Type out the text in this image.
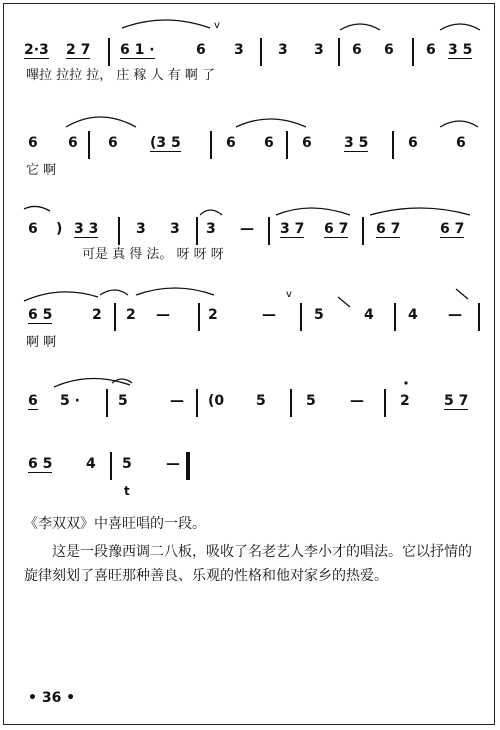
v
2·3 2 7 6 1 ·	6 3 3 3 6 6 6 3 5
嗶拉 拉拉 拉， 庄 稼 人 有 啊 了
6 6 6 (3 5	6 6 6 3 5	6	6
它 啊
6 ) 3 3	3 3 3 — 3 7 6 7 6 7	6 7
可是 真 得 法。 呀 呀 呀
v
6 5	2 2 —	2	—	5	4 4 —
啊 啊
6 5 ·	5	— (0 5	5 —	2 5 7
6 5 4 5 —
t
《李双双》中喜旺唱的一段。
这是一段豫西调二八板，吸收了名老艺人李小才的唱法。它以抒情的旋律刻划了喜旺那种善良、乐观的性格和他对家乡的热爱。
• 36 •
